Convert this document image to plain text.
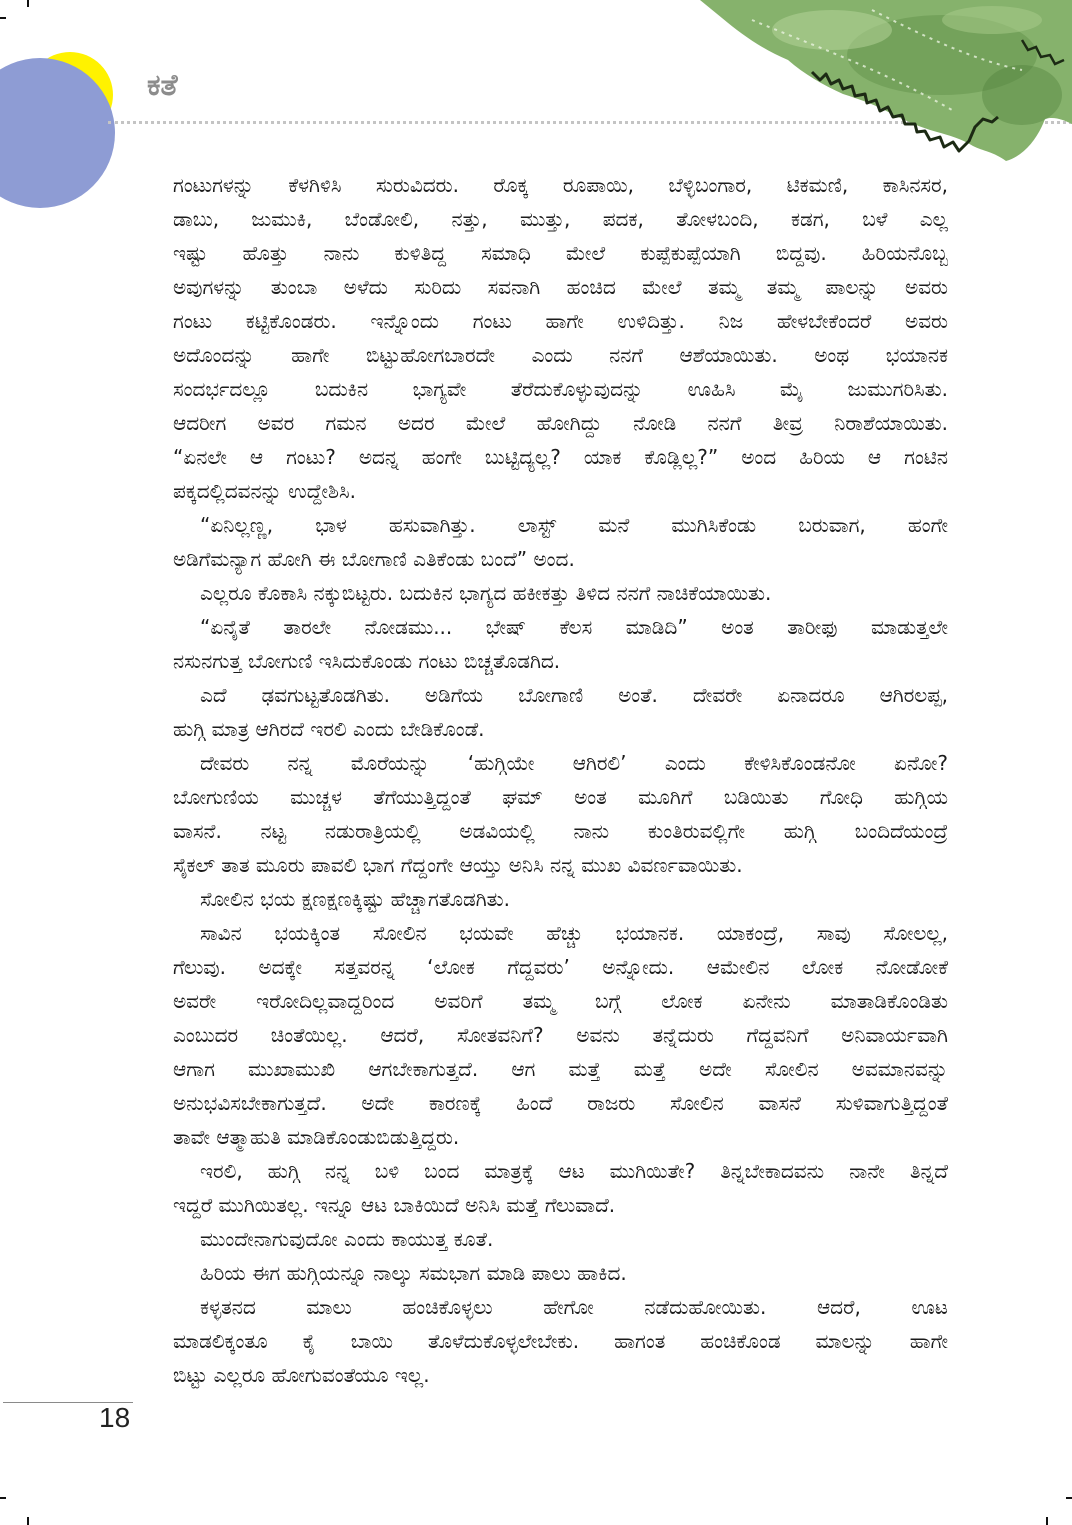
ಕತೆ
ಗಂಟುಗಳನ್ನು ಕೆಳಗಿಳಿಸಿ ಸುರುವಿದರು. ರೊಕ್ಕ ರೂಪಾಯಿ, ಬೆಳ್ಳಿಬಂಗಾರ, ಟಿಕಮಣಿ, ಕಾಸಿನಸರ,
ಡಾಬು, ಜುಮುಕಿ, ಬೆಂಡೋಲಿ, ನತ್ತು, ಮುತ್ತು, ಪದಕ, ತೋಳಬಂದಿ, ಕಡಗ, ಬಳೆ ಎಲ್ಲ
ಇಷ್ಟು ಹೊತ್ತು ನಾನು ಕುಳಿತಿದ್ದ ಸಮಾಧಿ ಮೇಲೆ ಕುಪ್ಪೆಕುಪ್ಪೆಯಾಗಿ ಬಿದ್ದವು. ಹಿರಿಯನೊಬ್ಬ
ಅವುಗಳನ್ನು ತುಂಬಾ ಅಳೆದು ಸುರಿದು ಸವನಾಗಿ ಹಂಚಿದ ಮೇಲೆ ತಮ್ಮ ತಮ್ಮ ಪಾಲನ್ನು ಅವರು
ಗಂಟು ಕಟ್ಟಿಕೊಂಡರು. ಇನ್ನೊಂದು ಗಂಟು ಹಾಗೇ ಉಳಿದಿತ್ತು. ನಿಜ ಹೇಳಬೇಕೆಂದರೆ ಅವರು
ಅದೊಂದನ್ನು ಹಾಗೇ ಬಿಟ್ಟುಹೋಗಬಾರದೇ ಎಂದು ನನಗೆ ಆಶೆಯಾಯಿತು. ಅಂಥ ಭಯಾನಕ
ಸಂದರ್ಭದಲ್ಲೂ ಬದುಕಿನ ಭಾಗ್ಯವೇ ತೆರೆದುಕೊಳ್ಳುವುದನ್ನು ಊಹಿಸಿ ಮೈ ಜುಮುಗರಿಸಿತು.
ಆದರೀಗ ಅವರ ಗಮನ ಅದರ ಮೇಲೆ ಹೋಗಿದ್ದು ನೋಡಿ ನನಗೆ ತೀವ್ರ ನಿರಾಶೆಯಾಯಿತು.
“ಏನಲೇ ಆ ಗಂಟು? ಅದನ್ನ ಹಂಗೇ ಬುಟ್ಟಿದ್ಯಲ್ಲ? ಯಾಕ ಕೊಡ್ಲಿಲ್ಲ?” ಅಂದ ಹಿರಿಯ ಆ ಗಂಟಿನ
ಪಕ್ಕದಲ್ಲಿದವನನ್ನು ಉದ್ದೇಶಿಸಿ.
“ಏನಿಲ್ಲಣ್ಣ, ಭಾಳ ಹಸುವಾಗಿತ್ತು. ಲಾಸ್ಟ್ ಮನೆ ಮುಗಿಸಿಕೆಂಡು ಬರುವಾಗ, ಹಂಗೇ
ಅಡಿಗೆಮನ್ಯಾಗ ಹೋಗಿ ಈ ಬೋಗಾಣಿ ಎತಿಕೆಂಡು ಬಂದೆ” ಅಂದ.
ಎಲ್ಲರೂ ಕೊಕಾಸಿ ನಕ್ಕುಬಿಟ್ಟರು. ಬದುಕಿನ ಭಾಗ್ಯದ ಹಕೀಕತ್ತು ತಿಳಿದ ನನಗೆ ನಾಚಿಕೆಯಾಯಿತು.
“ಏನೈತೆ ತಾರಲೇ ನೋಡಮು... ಭೇಷ್ ಕೆಲಸ ಮಾಡಿದಿ” ಅಂತ ತಾರೀಫು ಮಾಡುತ್ತಲೇ
ನಸುನಗುತ್ತ ಬೋಗುಣಿ ಇಸಿದುಕೊಂಡು ಗಂಟು ಬಿಚ್ಚತೊಡಗಿದ.
ಎದೆ ಢವಗುಟ್ಟತೊಡಗಿತು. ಅಡಿಗೆಯ ಬೋಗಾಣಿ ಅಂತೆ. ದೇವರೇ ಏನಾದರೂ ಆಗಿರಲಪ್ಪ,
ಹುಗ್ಗಿ ಮಾತ್ರ ಆಗಿರದೆ ಇರಲಿ ಎಂದು ಬೇಡಿಕೊಂಡೆ.
ದೇವರು ನನ್ನ ಮೊರೆಯನ್ನು ‘ಹುಗ್ಗಿಯೇ ಆಗಿರಲಿ’ ಎಂದು ಕೇಳಿಸಿಕೊಂಡನೋ ಏನೋ?
ಬೋಗುಣಿಯ ಮುಚ್ಚಳ ತೆಗೆಯುತ್ತಿದ್ದಂತೆ ಘಮ್ ಅಂತ ಮೂಗಿಗೆ ಬಡಿಯಿತು ಗೋಧಿ ಹುಗ್ಗಿಯ
ವಾಸನೆ. ನಟ್ಟ ನಡುರಾತ್ರಿಯಲ್ಲಿ ಅಡವಿಯಲ್ಲಿ ನಾನು ಕುಂತಿರುವಲ್ಲಿಗೇ ಹುಗ್ಗಿ ಬಂದಿದೆಯಂದ್ರೆ
ಸೈಕಲ್ ತಾತ ಮೂರು ಪಾವಲಿ ಭಾಗ ಗೆದ್ದಂಗೇ ಆಯ್ತು ಅನಿಸಿ ನನ್ನ ಮುಖ ವಿವರ್ಣವಾಯಿತು.
ಸೋಲಿನ ಭಯ ಕ್ಷಣಕ್ಷಣಕ್ಕಿಷ್ಟು ಹೆಚ್ಚಾಗತೊಡಗಿತು.
ಸಾವಿನ ಭಯಕ್ಕಿಂತ ಸೋಲಿನ ಭಯವೇ ಹೆಚ್ಚು ಭಯಾನಕ. ಯಾಕಂದ್ರೆ, ಸಾವು ಸೋಲಲ್ಲ,
ಗೆಲುವು. ಅದಕ್ಕೇ ಸತ್ತವರನ್ನ ‘ಲೋಕ ಗೆದ್ದವರು’ ಅನ್ನೋದು. ಆಮೇಲಿನ ಲೋಕ ನೋಡೋಕೆ
ಅವರೇ ಇರೋದಿಲ್ಲವಾದ್ದರಿಂದ ಅವರಿಗೆ ತಮ್ಮ ಬಗ್ಗೆ ಲೋಕ ಏನೇನು ಮಾತಾಡಿಕೊಂಡಿತು
ಎಂಬುದರ ಚಿಂತೆಯಿಲ್ಲ. ಆದರೆ, ಸೋತವನಿಗೆ? ಅವನು ತನ್ನೆದುರು ಗೆದ್ದವನಿಗೆ ಅನಿವಾರ್ಯವಾಗಿ
ಆಗಾಗ ಮುಖಾಮುಖಿ ಆಗಬೇಕಾಗುತ್ತದೆ. ಆಗ ಮತ್ತೆ ಮತ್ತೆ ಅದೇ ಸೋಲಿನ ಅವಮಾನವನ್ನು
ಅನುಭವಿಸಬೇಕಾಗುತ್ತದೆ. ಅದೇ ಕಾರಣಕ್ಕೆ ಹಿಂದೆ ರಾಜರು ಸೋಲಿನ ವಾಸನೆ ಸುಳಿವಾಗುತ್ತಿದ್ದಂತೆ
ತಾವೇ ಆತ್ಮಾಹುತಿ ಮಾಡಿಕೊಂಡುಬಿಡುತ್ತಿದ್ದರು.
ಇರಲಿ, ಹುಗ್ಗಿ ನನ್ನ ಬಳಿ ಬಂದ ಮಾತ್ರಕ್ಕೆ ಆಟ ಮುಗಿಯಿತೇ? ತಿನ್ನಬೇಕಾದವನು ನಾನೇ ತಿನ್ನದೆ
ಇದ್ದರೆ ಮುಗಿಯಿತಲ್ಲ. ಇನ್ನೂ ಆಟ ಬಾಕಿಯಿದೆ ಅನಿಸಿ ಮತ್ತೆ ಗೆಲುವಾದೆ.
ಮುಂದೇನಾಗುವುದೋ ಎಂದು ಕಾಯುತ್ತ ಕೂತೆ.
ಹಿರಿಯ ಈಗ ಹುಗ್ಗಿಯನ್ನೂ ನಾಲ್ಕು ಸಮಭಾಗ ಮಾಡಿ ಪಾಲು ಹಾಕಿದ.
ಕಳ್ಳತನದ ಮಾಲು ಹಂಚಿಕೊಳ್ಳಲು ಹೇಗೋ ನಡೆದುಹೋಯಿತು. ಆದರೆ, ಊಟ
ಮಾಡಲಿಕ್ಕಂತೂ ಕೈ ಬಾಯಿ ತೊಳೆದುಕೊಳ್ಳಲೇಬೇಕು. ಹಾಗಂತ ಹಂಚಿಕೊಂಡ ಮಾಲನ್ನು ಹಾಗೇ
ಬಿಟ್ಟು ಎಲ್ಲರೂ ಹೋಗುವಂತೆಯೂ ಇಲ್ಲ.
18
